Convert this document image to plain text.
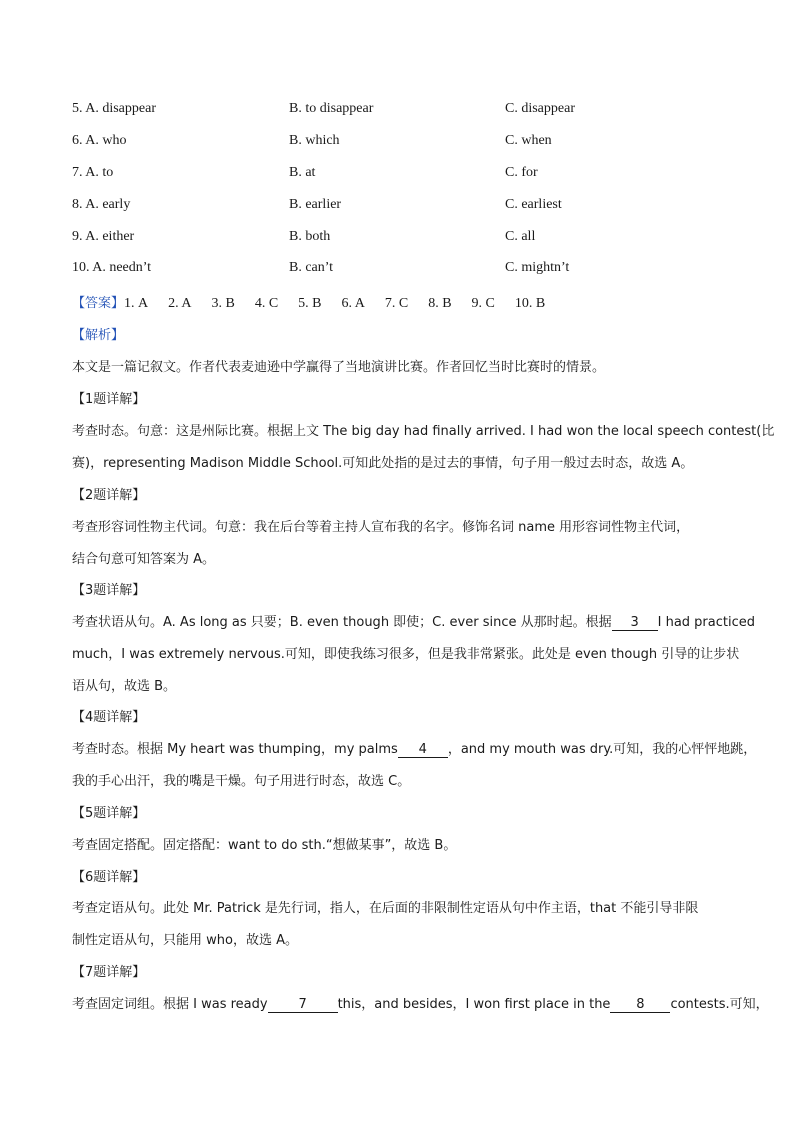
5. A. disappear	B. to disappear	C. disappear
6. A. who	B. which	C. when
7. A. to	B. at	C. for
8. A. early	B. earlier	C. earliest
9. A. either	B. both	C. all
10. A. needn’t	B. can’t	C. mightn’t
【答案】1. A 2. A 3. B 4. C 5. B 6. A 7. C 8. B 9. C 10. B
【解析】
本文是一篇记叙文。作者代表麦迪逊中学赢得了当地演讲比赛。作者回忆当时比赛时的情景。
【1题详解】
考查时态。句意：这是州际比赛。根据上文 The big day had finally arrived. I had won the local speech contest(比
赛)，representing Madison Middle School.可知此处指的是过去的事情，句子用一般过去时态，故选 A。
【2题详解】
考查形容词性物主代词。句意：我在后台等着主持人宣布我的名字。修饰名词 name 用形容词性物主代词，
结合句意可知答案为 A。
【3题详解】
考查状语从句。A. As long as 只要；B. even though 即使；C. ever since 从那时起。根据 3 I had practiced
much，I was extremely nervous.可知，即使我练习很多，但是我非常紧张。此处是 even though 引导的让步状
语从句，故选 B。
【4题详解】
考查时态。根据 My heart was thumping，my palms 4 ，and my mouth was dry.可知，我的心怦怦地跳，
我的手心出汗，我的嘴是干燥。句子用进行时态，故选 C。
【5题详解】
考查固定搭配。固定搭配：want to do sth.“想做某事”，故选 B。
【6题详解】
考查定语从句。此处 Mr. Patrick 是先行词，指人，在后面的非限制性定语从句中作主语，that 不能引导非限
制性定语从句，只能用 who，故选 A。
【7题详解】
考查固定词组。根据 I was ready 7 this，and besides，I won first place in the 8 contests.可知，
